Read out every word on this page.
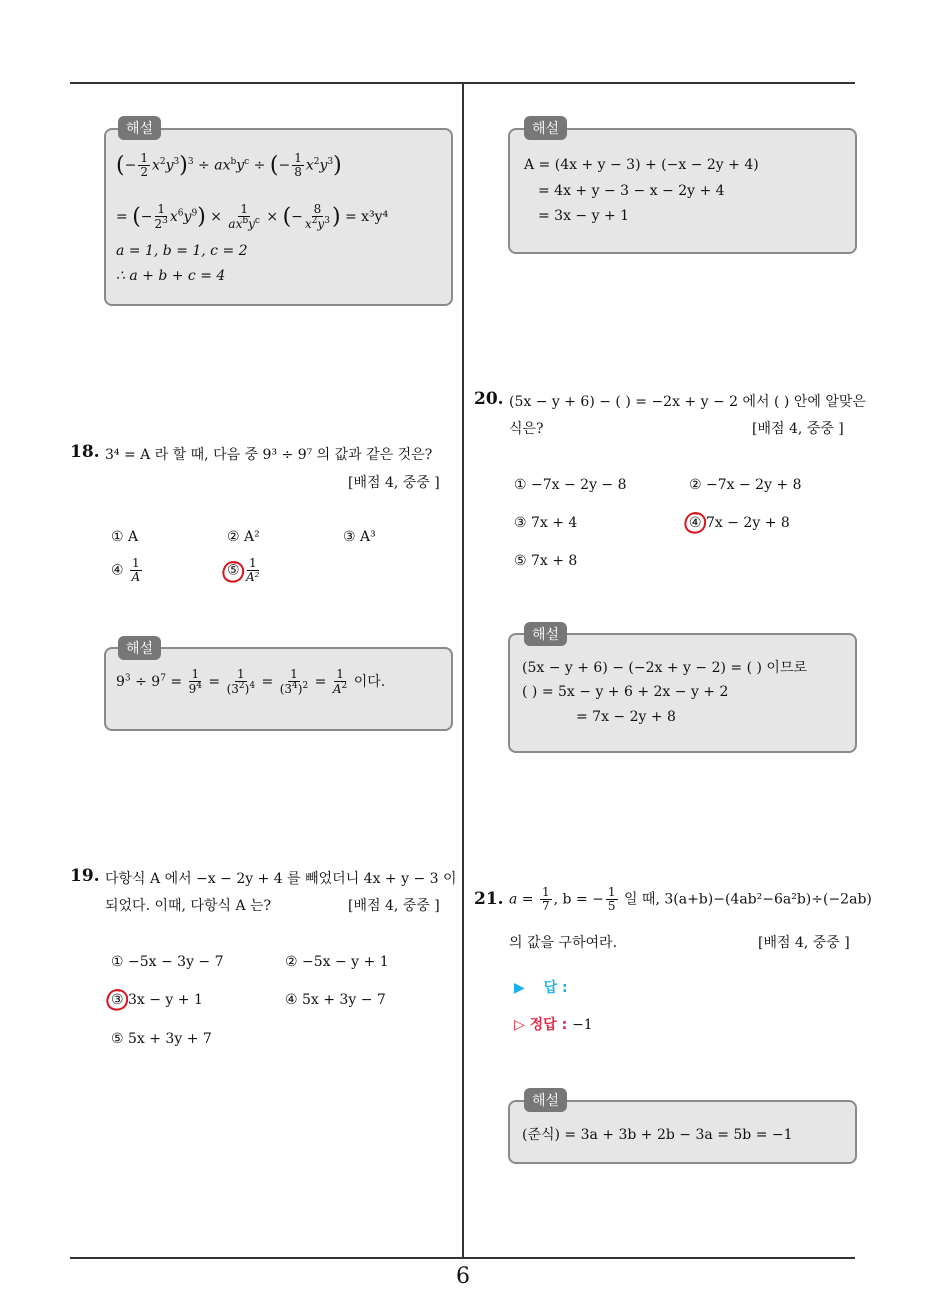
6
해설
(− $\frac{1}{2} x^2y^3)^3 \div ax^by^c$ ÷ (− $\frac{1}{8} x^2y^3$)
= (− $\frac{1}{2^3} x^6y^9) \times \frac{1}{ax^by^c}$ × (− $\frac{8}{x^2y^3}$ ) = x³y⁴
a = 1, b = 1, c = 2
∴ a + b + c = 4
18. 3⁴ = A 라 할 때, 다음 중 9³ ÷ 9⁷ 의 값과 같은 것은?
[배점 4, 중중 ]
① A	② A²	③ A³
④ $\frac{1}{A}$	⑤ $\frac{1}{\text{A²}}$
해설
$9^3 \div 9^7 = \frac{1}{9^4} = \frac{1}{(3^2)^4} = \frac{1}{(3^4)^2} = \frac{1}{A^2}$ 이다.
19. 다항식 A 에서 −x − 2y + 4 를 빼었더니 4x + y − 3 이
되었다. 이때, 다항식 A 는?	[배점 4, 중중 ]
① −5x − 3y − 7	② −5x − y + 1
③ 3x − y + 1	④ 5x + 3y − 7
⑤ 5x + 3y + 7
해설
A = (4x + y − 3) + (−x − 2y + 4)
= 4x + y − 3 − x − 2y + 4
= 3x − y + 1
20. (5x − y + 6) − ( ) = −2x + y − 2 에서 ( ) 안에 알맞은
식은?	[배점 4, 중중 ]
① −7x − 2y − 8	② −7x − 2y + 8
③ 7x + 4	④ 7x − 2y + 8
⑤ 7x + 8
해설
(5x − y + 6) − (−2x + y − 2) = ( ) 이므로
( ) = 5x − y + 6 + 2x − y + 2
= 7x − 2y + 8
21. $a = \frac{1}{7}$ , b = − $\frac{1}{5}$ 일 때, 3(a+b)−(4ab²−6a²b)÷(−2ab)
의 값을 구하여라.	[배점 4, 중중 ]
▶ 답 :
▷ 정답 : −1
해설
(준식) = 3a + 3b + 2b − 3a = 5b = −1
